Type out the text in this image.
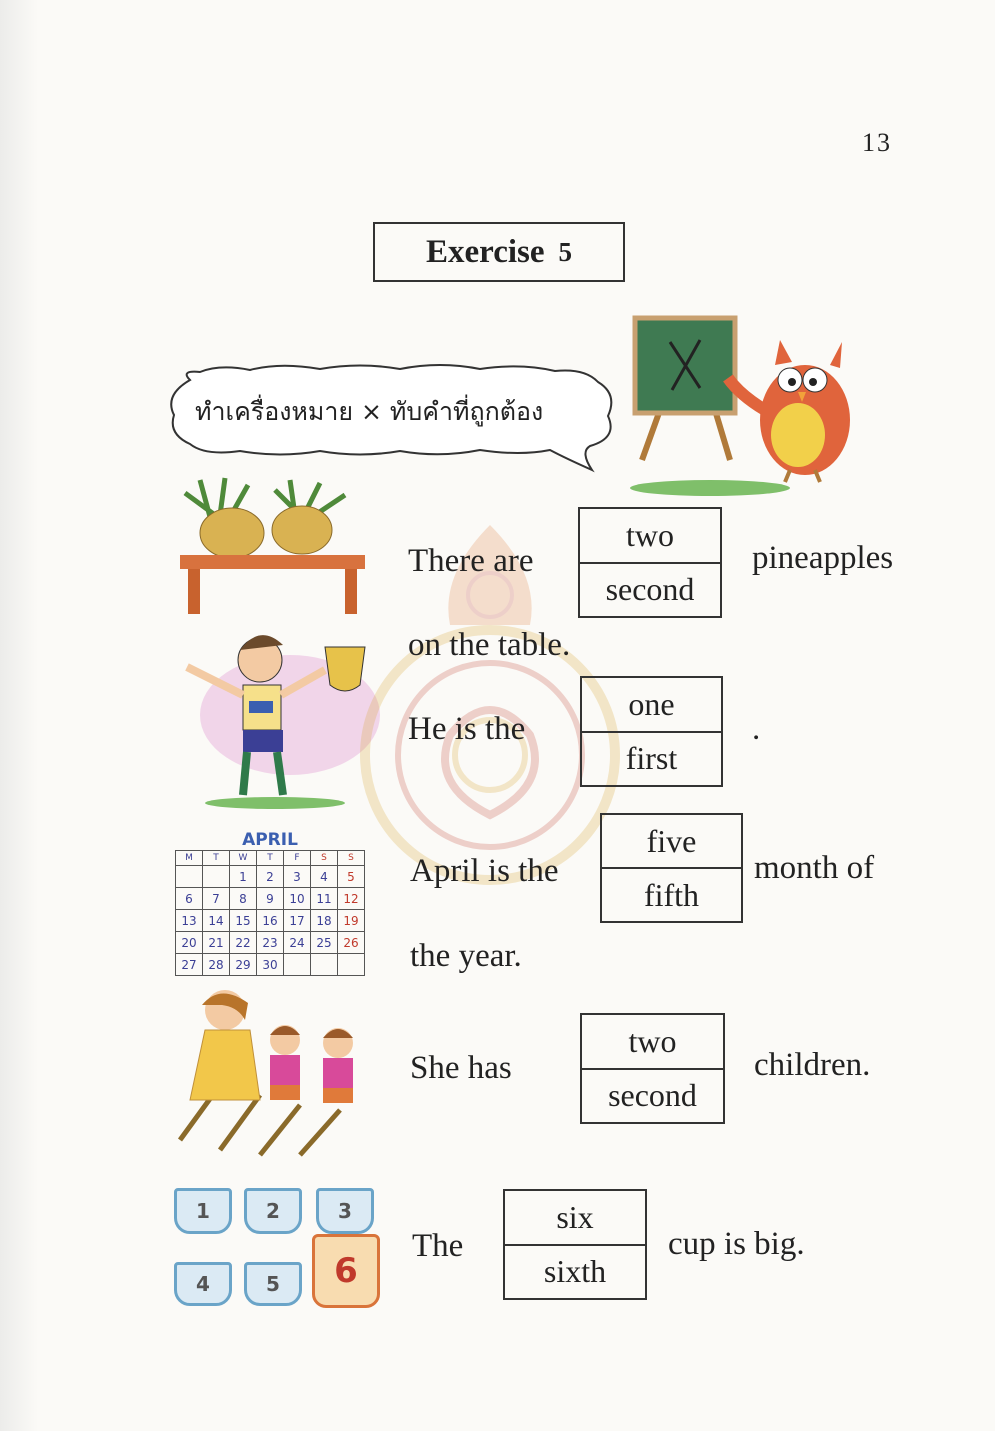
13
Exercise 5
ทำเครื่องหมาย × ทับคำที่ถูกต้อง
APRIL
M	T	W	T	F	S	S
		1	2	3	4	5
6	7	8	9	10	11	12
13	14	15	16	17	18	19
20	21	22	23	24	25	26
27	28	29	30			
1	2	3
4	5 6
There are
two
second
pineapples
on the table.
He is the
one
first
.
April is the
five
fifth
month of
the year.
She has
two
second
children.
The
six
sixth
cup is big.
